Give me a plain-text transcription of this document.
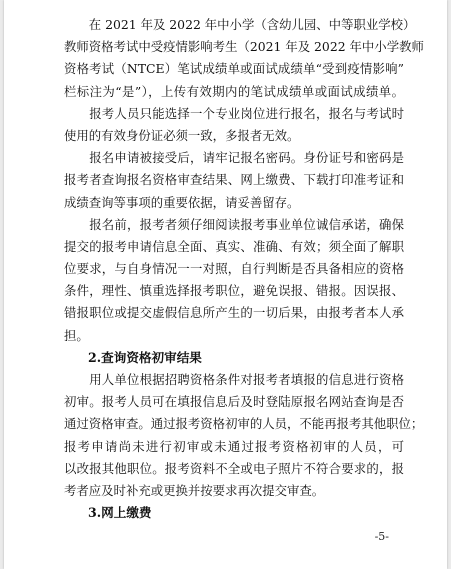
　　在 2021 年及 2022 年中小学（含幼儿园、中等职业学校）
教师资格考试中受疫情影响考生（2021 年及 2022 年中小学教师
资格考试（NTCE）笔试成绩单或面试成绩单“受到疫情影响”
栏标注为“是”），上传有效期内的笔试成绩单或面试成绩单。
　　报考人员只能选择一个专业岗位进行报名，报名与考试时
使用的有效身份证必须一致，多报者无效。
　　报名申请被接受后，请牢记报名密码。身份证号和密码是
报考者查询报名资格审查结果、网上缴费、下载打印准考证和
成绩查询等事项的重要依据，请妥善留存。
　　报名前，报考者须仔细阅读报考事业单位诚信承诺，确保
提交的报考申请信息全面、真实、准确、有效；须全面了解职
位要求，与自身情况一一对照，自行判断是否具备相应的资格
条件，理性、慎重选择报考职位，避免误报、错报。因误报、
错报职位或提交虚假信息所产生的一切后果，由报考者本人承
担。
2.查询资格初审结果
　　用人单位根据招聘资格条件对报考者填报的信息进行资格
初审。报考人员可在填报信息后及时登陆原报名网站查询是否
通过资格审查。通过报考资格初审的人员，不能再报考其他职位；
报考申请尚未进行初审或未通过报考资格初审的人员，可
以改报其他职位。报考资料不全或电子照片不符合要求的，报
考者应及时补充或更换并按要求再次提交审查。
3.网上缴费
-5-
